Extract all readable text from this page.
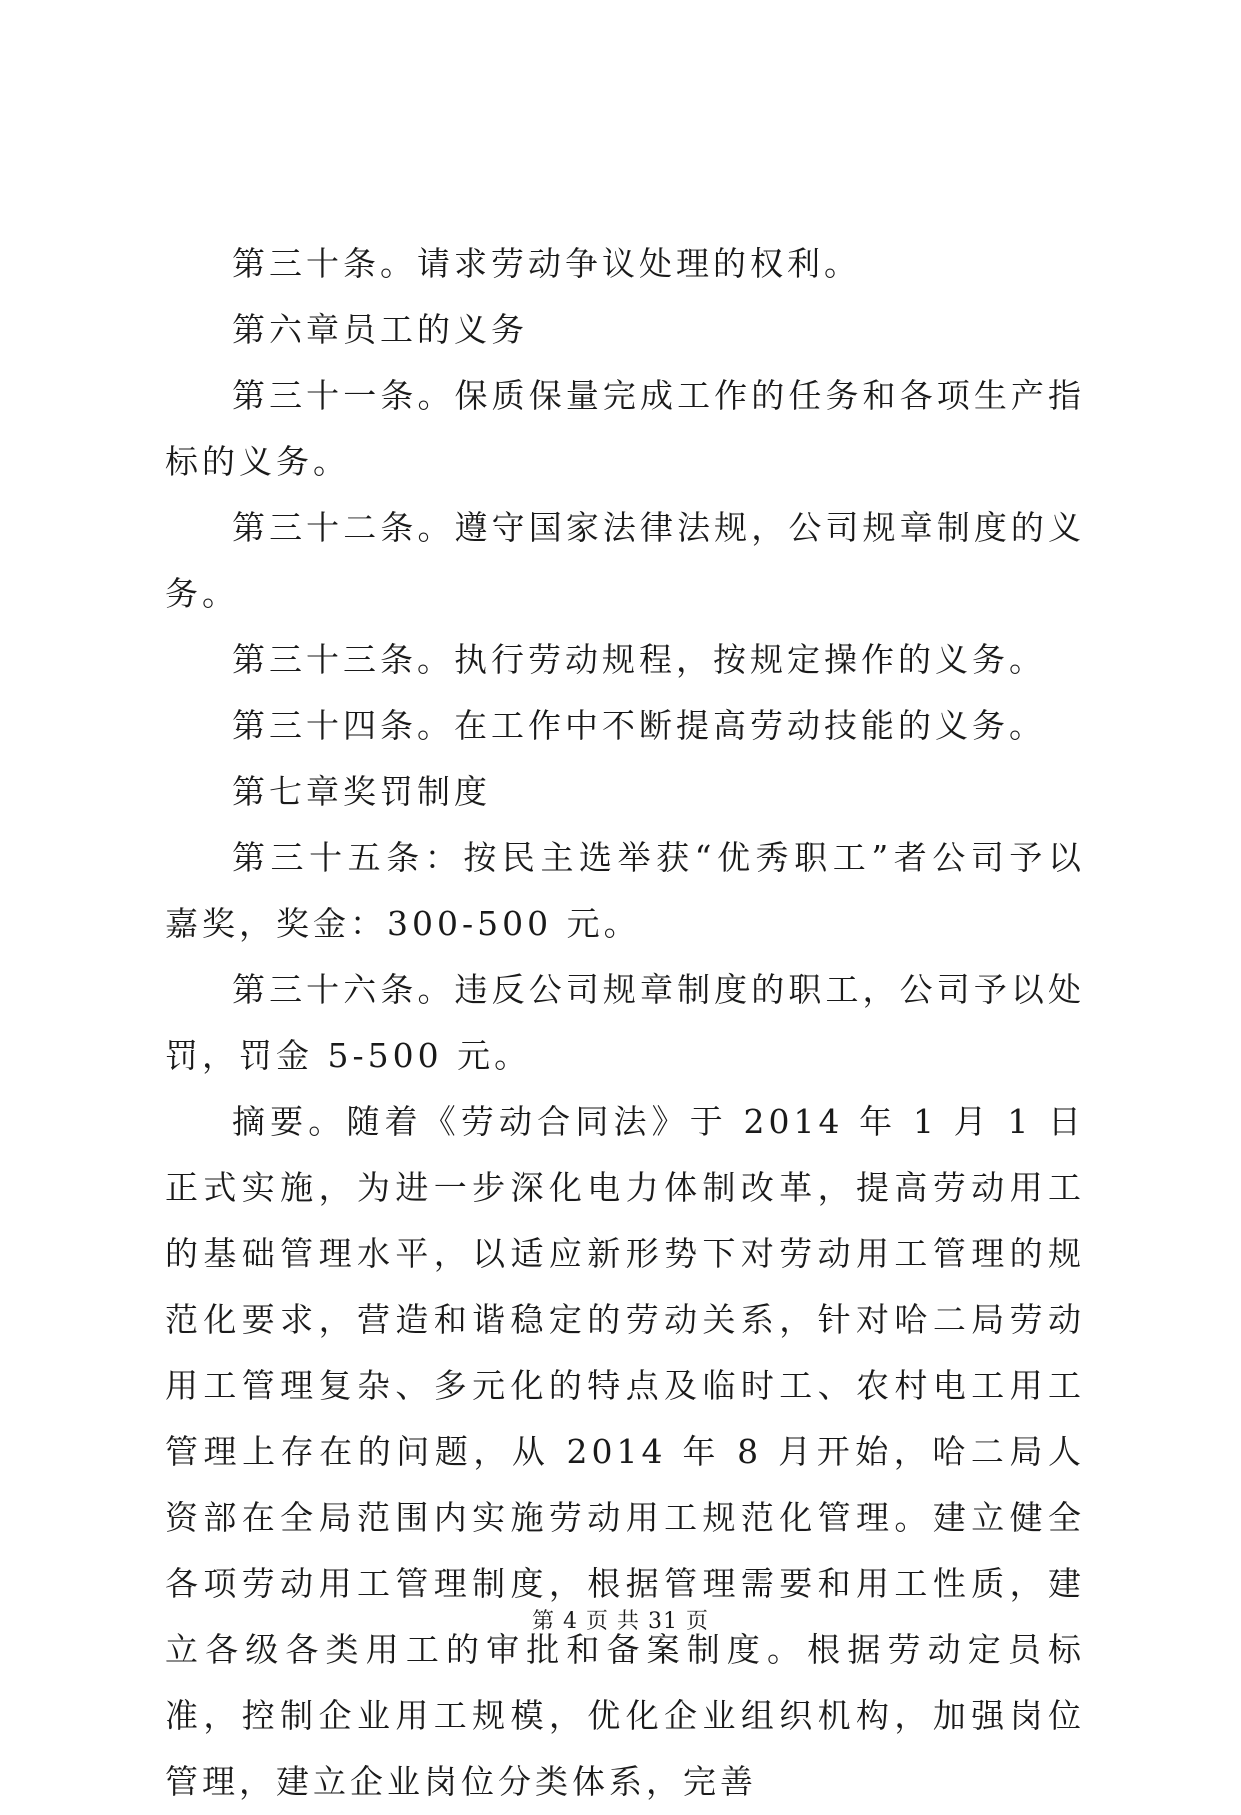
第三十条。请求劳动争议处理的权利。

第六章员工的义务

第三十一条。保质保量完成工作的任务和各项生产指标的义务。

第三十二条。遵守国家法律法规，公司规章制度的义务。

第三十三条。执行劳动规程，按规定操作的义务。

第三十四条。在工作中不断提高劳动技能的义务。

第七章奖罚制度

第三十五条：按民主选举获“优秀职工”者公司予以嘉奖，奖金：300-500 元。

第三十六条。违反公司规章制度的职工，公司予以处罚，罚金 5-500 元。

摘要。随着《劳动合同法》于 2014 年 1 月 1 日正式实施，为进一步深化电力体制改革，提高劳动用工的基础管理水平，以适应新形势下对劳动用工管理的规范化要求，营造和谐稳定的劳动关系，针对哈二局劳动用工管理复杂、多元化的特点及临时工、农村电工用工管理上存在的问题，从 2014 年 8 月开始，哈二局人资部在全局范围内实施劳动用工规范化管理。建立健全各项劳动用工管理制度，根据管理需要和用工性质，建立各级各类用工的审批和备案制度。根据劳动定员标准，控制企业用工规模，优化企业组织机构，加强岗位管理，建立企业岗位分类体系，完善

第 4 页 共 31 页
